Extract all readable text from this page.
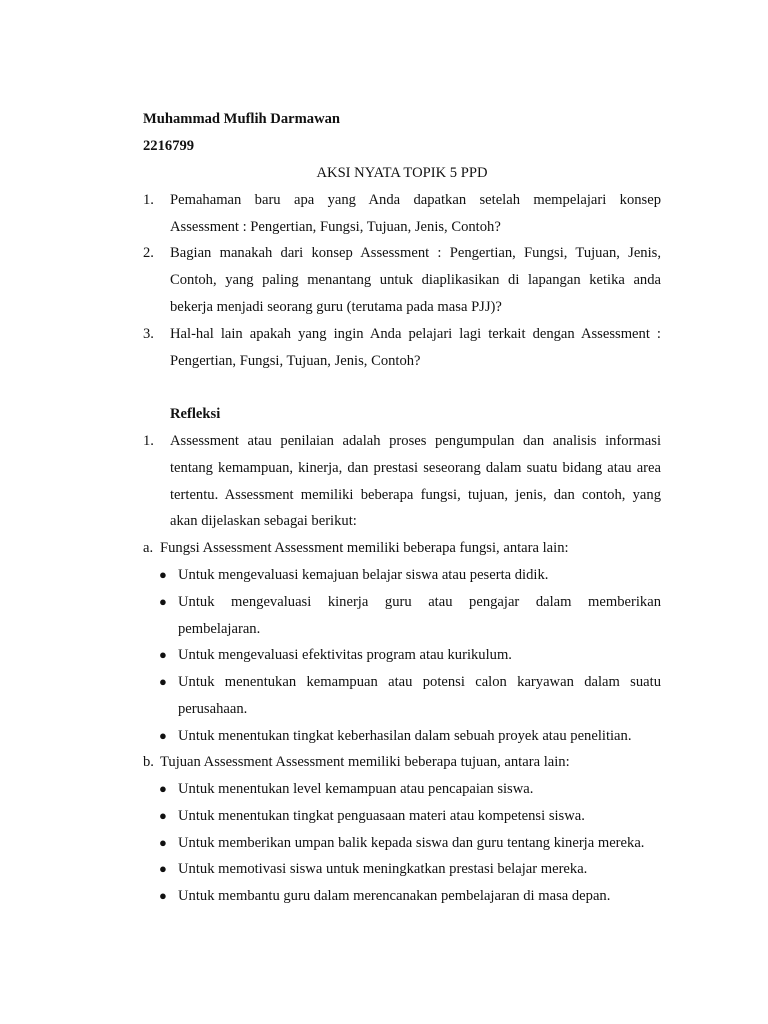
Muhammad Muflih Darmawan
2216799
AKSI NYATA TOPIK 5 PPD
1. Pemahaman baru apa yang Anda dapatkan setelah mempelajari konsep
Assessment : Pengertian, Fungsi, Tujuan, Jenis, Contoh?
2. Bagian manakah dari konsep Assessment : Pengertian, Fungsi, Tujuan, Jenis,
Contoh, yang paling menantang untuk diaplikasikan di lapangan ketika anda
bekerja menjadi seorang guru (terutama pada masa PJJ)?
3. Hal-hal lain apakah yang ingin Anda pelajari lagi terkait dengan Assessment :
Pengertian, Fungsi, Tujuan, Jenis, Contoh?
Refleksi
1. Assessment atau penilaian adalah proses pengumpulan dan analisis informasi
tentang kemampuan, kinerja, dan prestasi seseorang dalam suatu bidang atau area
tertentu. Assessment memiliki beberapa fungsi, tujuan, jenis, dan contoh, yang
akan dijelaskan sebagai berikut:
a. Fungsi Assessment Assessment memiliki beberapa fungsi, antara lain:
● Untuk mengevaluasi kemajuan belajar siswa atau peserta didik.
● Untuk mengevaluasi kinerja guru atau pengajar dalam memberikan
pembelajaran.
● Untuk mengevaluasi efektivitas program atau kurikulum.
● Untuk menentukan kemampuan atau potensi calon karyawan dalam suatu
perusahaan.
● Untuk menentukan tingkat keberhasilan dalam sebuah proyek atau penelitian.
b. Tujuan Assessment Assessment memiliki beberapa tujuan, antara lain:
● Untuk menentukan level kemampuan atau pencapaian siswa.
● Untuk menentukan tingkat penguasaan materi atau kompetensi siswa.
● Untuk memberikan umpan balik kepada siswa dan guru tentang kinerja mereka.
● Untuk memotivasi siswa untuk meningkatkan prestasi belajar mereka.
● Untuk membantu guru dalam merencanakan pembelajaran di masa depan.
